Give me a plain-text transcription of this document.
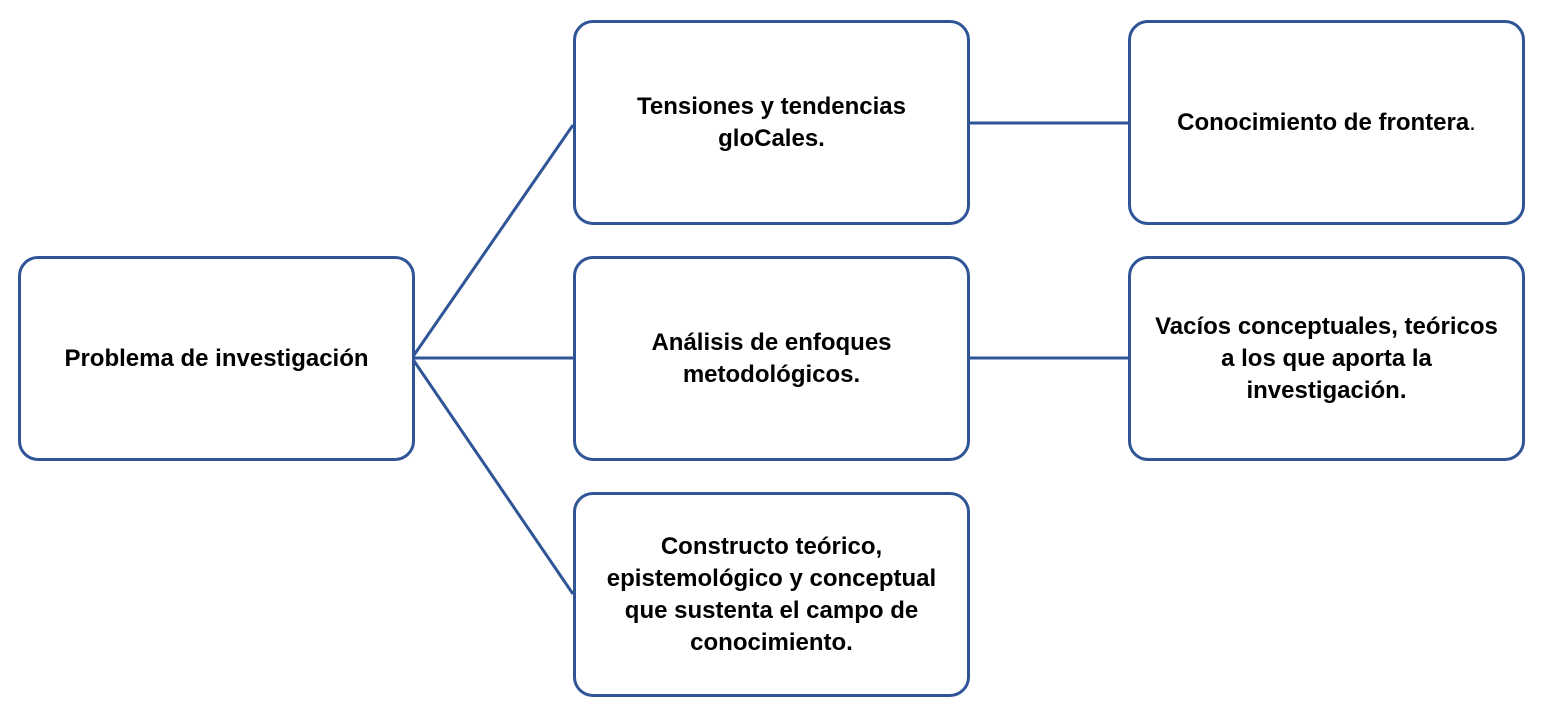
Problema de investigación
Tensiones y tendencias gloCales.
Análisis de enfoques metodológicos.
Constructo teórico, epistemológico y conceptual que sustenta el campo de conocimiento.
Conocimiento de frontera.
Vacíos conceptuales, teóricos a los que aporta la investigación.
